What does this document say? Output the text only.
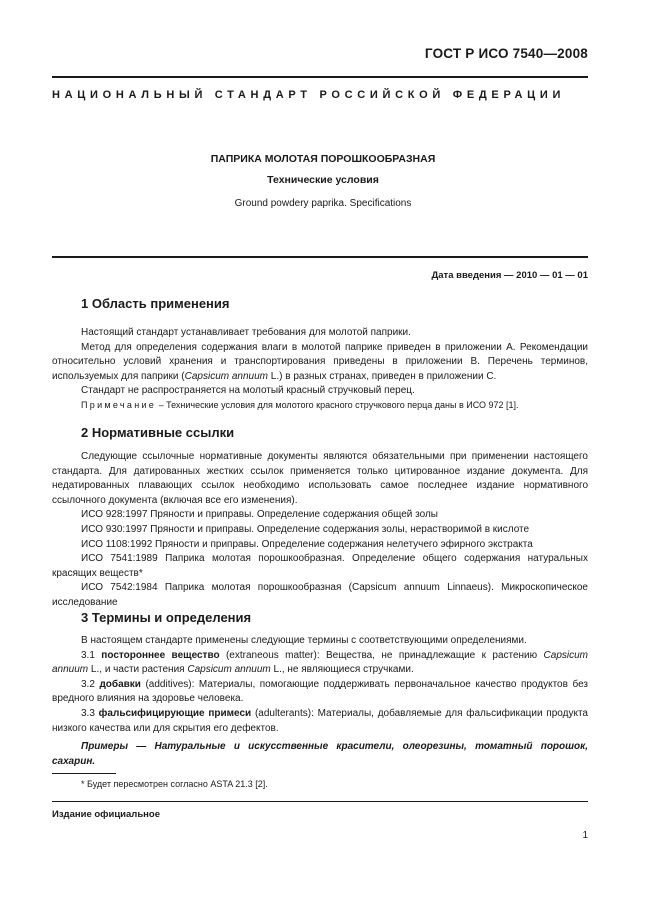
ГОСТ Р ИСО 7540—2008
НАЦИОНАЛЬНЫЙ СТАНДАРТ РОССИЙСКОЙ ФЕДЕРАЦИИ
ПАПРИКА МОЛОТАЯ ПОРОШКООБРАЗНАЯ
Технические условия
Ground powdery paprika. Specifications
Дата введения — 2010 — 01 — 01
1 Область применения

Настоящий стандарт устанавливает требования для молотой паприки.

Метод для определения содержания влаги в молотой паприке приведен в приложении А. Рекомендации относительно условий хранения и транспортирования приведены в приложении В. Перечень терминов, используемых для паприки (Capsicum annuum L.) в разных странах, приведен в приложении С.

Стандарт не распространяется на молотый красный стручковый перец.

Примечание – Технические условия для молотого красного стручкового перца даны в ИСО 972 [1].
2 Нормативные ссылки

Следующие ссылочные нормативные документы являются обязательными при применении настоящего стандарта. Для датированных жестких ссылок применяется только цитированное издание документа. Для недатированных плавающих ссылок необходимо использовать самое последнее издание нормативного ссылочного документа (включая все его изменения).

ИСО 928:1997 Пряности и приправы. Определение содержания общей золы

ИСО 930:1997 Пряности и приправы. Определение содержания золы, нерастворимой в кислоте

ИСО 1108:1992 Пряности и приправы. Определение содержания нелетучего эфирного экстракта

ИСО 7541:1989 Паприка молотая порошкообразная. Определение общего содержания натуральных красящих веществ*

ИСО 7542:1984 Паприка молотая порошкообразная (Capsicum annuum Linnaeus). Микроскопическое исследование

3 Термины и определения

В настоящем стандарте применены следующие термины с соответствующими определениями.

3.1 постороннее вещество (extraneous matter): Вещества, не принадлежащие к растению Capsicum annuum L., и части растения Capsicum annuum L., не являющиеся стручками.

3.2 добавки (additives): Материалы, помогающие поддерживать первоначальное качество продуктов без вредного влияния на здоровье человека.

3.3 фальсифицирующие примеси (adulterants): Материалы, добавляемые для фальсификации продукта низкого качества или для скрытия его дефектов.

Примеры — Натуральные и искусственные красители, олеорезины, томатный порошок, сахарин.

* Будет пересмотрен согласно ASTA 21.3 [2].
Издание официальное
1
